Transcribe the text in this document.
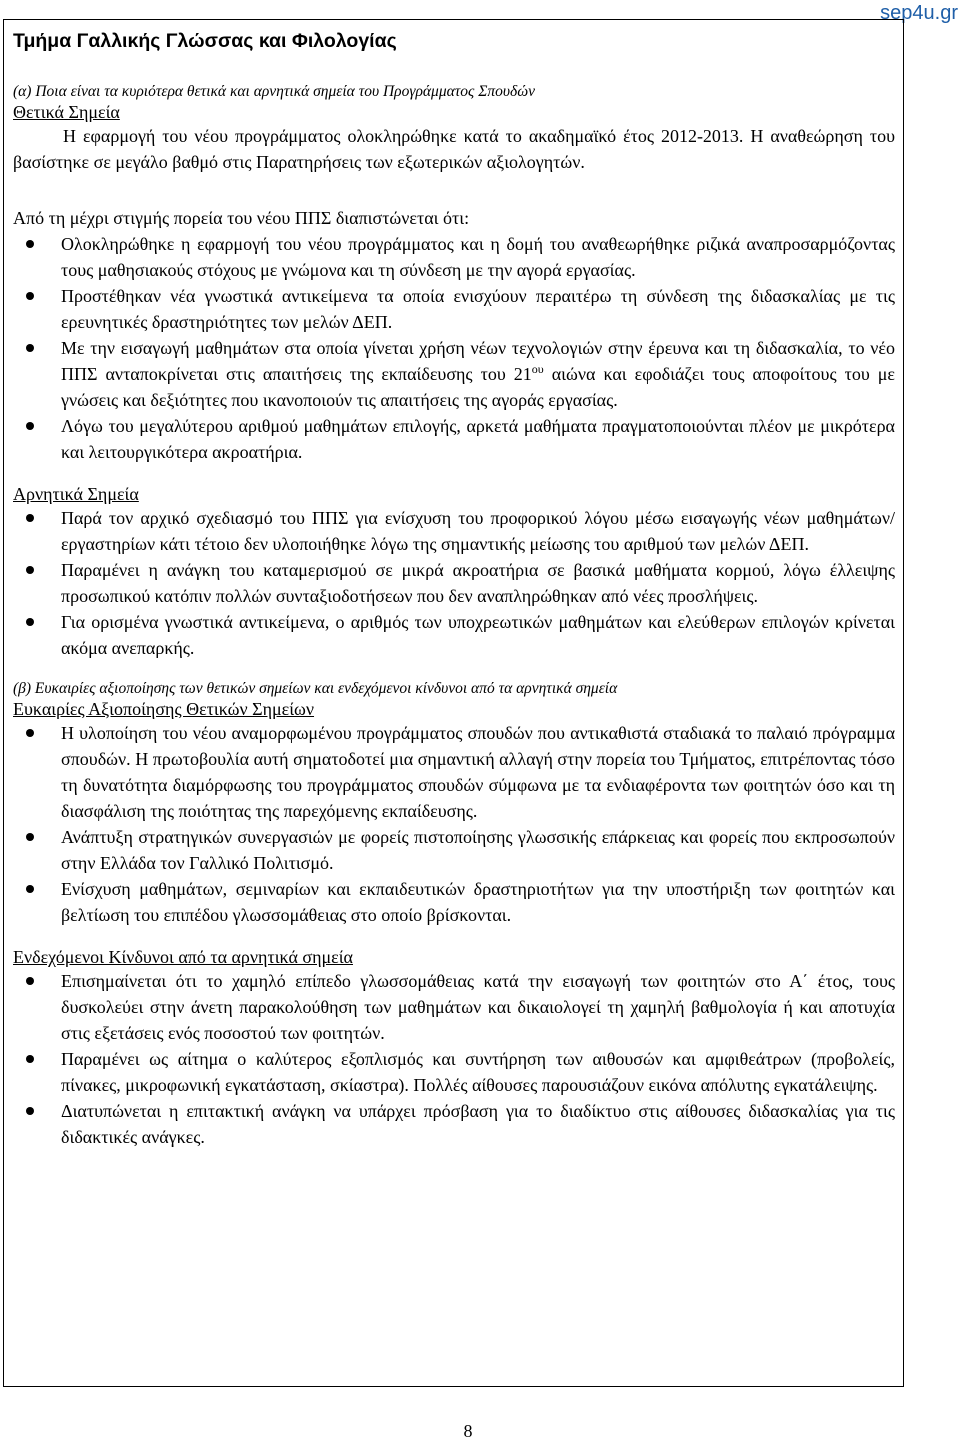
sep4u.gr
Τμήμα Γαλλικής Γλώσσας και Φιλολογίας
(α) Ποια είναι τα κυριότερα θετικά και αρνητικά σημεία του Προγράμματος Σπουδών
Θετικά Σημεία

Η εφαρμογή του νέου προγράμματος ολοκληρώθηκε κατά το ακαδημαϊκό έτος 2012-2013. Η αναθεώρηση του βασίστηκε σε μεγάλο βαθμό στις Παρατηρήσεις των εξωτερικών αξιολογητών.

Από τη μέχρι στιγμής πορεία του νέου ΠΠΣ διαπιστώνεται ότι:
Ολοκληρώθηκε η εφαρμογή του νέου προγράμματος και η δομή του αναθεωρήθηκε ριζικά αναπροσαρμόζοντας τους μαθησιακούς στόχους με γνώμονα και τη σύνδεση με την αγορά εργασίας.
Προστέθηκαν νέα γνωστικά αντικείμενα τα οποία ενισχύουν περαιτέρω τη σύνδεση της διδασκαλίας με τις ερευνητικές δραστηριότητες των μελών ΔΕΠ.
Με την εισαγωγή μαθημάτων στα οποία γίνεται χρήση νέων τεχνολογιών στην έρευνα και τη διδασκαλία, το νέο ΠΠΣ ανταποκρίνεται στις απαιτήσεις της εκπαίδευσης του $21^{o\upsilon}$ αιώνα και εφοδιάζει τους αποφοίτους του με γνώσεις και δεξιότητες που ικανοποιούν τις απαιτήσεις της αγοράς εργασίας.
Λόγω του μεγαλύτερου αριθμού μαθημάτων επιλογής, αρκετά μαθήματα πραγματοποιούνται πλέον με μικρότερα και λειτουργικότερα ακροατήρια.
Αρνητικά Σημεία
Παρά τον αρχικό σχεδιασμό του ΠΠΣ για ενίσχυση του προφορικού λόγου μέσω εισαγωγής νέων μαθημάτων/εργαστηρίων κάτι τέτοιο δεν υλοποιήθηκε λόγω της σημαντικής μείωσης του αριθμού των μελών ΔΕΠ.
Παραμένει η ανάγκη του καταμερισμού σε μικρά ακροατήρια σε βασικά μαθήματα κορμού, λόγω έλλειψης προσωπικού κατόπιν πολλών συνταξιοδοτήσεων που δεν αναπληρώθηκαν από νέες προσλήψεις.
Για ορισμένα γνωστικά αντικείμενα, ο αριθμός των υποχρεωτικών μαθημάτων και ελεύθερων επιλογών κρίνεται ακόμα ανεπαρκής.
(β) Ευκαιρίες αξιοποίησης των θετικών σημείων και ενδεχόμενοι κίνδυνοι από τα αρνητικά σημεία
Ευκαιρίες Αξιοποίησης Θετικών Σημείων
Η υλοποίηση του νέου αναμορφωμένου προγράμματος σπουδών που αντικαθιστά σταδιακά το παλαιό πρόγραμμα σπουδών. Η πρωτοβουλία αυτή σηματοδοτεί μια σημαντική αλλαγή στην πορεία του Τμήματος, επιτρέποντας τόσο τη δυνατότητα διαμόρφωσης του προγράμματος σπουδών σύμφωνα με τα ενδιαφέροντα των φοιτητών όσο και τη διασφάλιση της ποιότητας της παρεχόμενης εκπαίδευσης.
Ανάπτυξη στρατηγικών συνεργασιών με φορείς πιστοποίησης γλωσσικής επάρκειας και φορείς που εκπροσωπούν στην Ελλάδα τον Γαλλικό Πολιτισμό.
Ενίσχυση μαθημάτων, σεμιναρίων και εκπαιδευτικών δραστηριοτήτων για την υποστήριξη των φοιτητών και βελτίωση του επιπέδου γλωσσομάθειας στο οποίο βρίσκονται.
Ενδεχόμενοι Κίνδυνοι από τα αρνητικά σημεία
Επισημαίνεται ότι το χαμηλό επίπεδο γλωσσομάθειας κατά την εισαγωγή των φοιτητών στο Α΄ έτος, τους δυσκολεύει στην άνετη παρακολούθηση των μαθημάτων και δικαιολογεί τη χαμηλή βαθμολογία ή και αποτυχία στις εξετάσεις ενός ποσοστού των φοιτητών.
Παραμένει ως αίτημα ο καλύτερος εξοπλισμός και συντήρηση των αιθουσών και αμφιθεάτρων (προβολείς, πίνακες, μικροφωνική εγκατάσταση, σκίαστρα). Πολλές αίθουσες παρουσιάζουν εικόνα απόλυτης εγκατάλειψης.
Διατυπώνεται η επιτακτική ανάγκη να υπάρχει πρόσβαση για το διαδίκτυο στις αίθουσες διδασκαλίας για τις διδακτικές ανάγκες.
8
